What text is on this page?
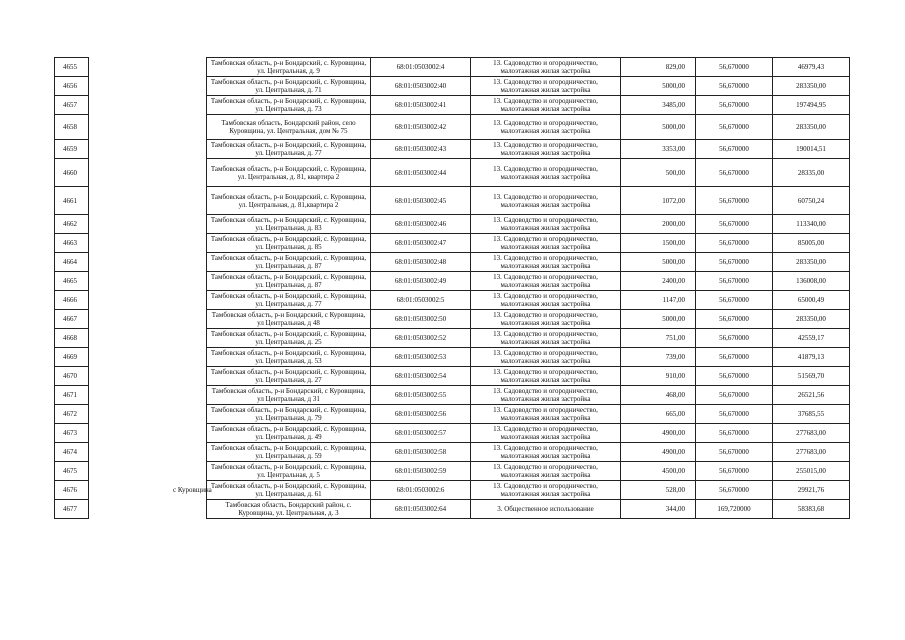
4655		Тамбовская область, р-н Бондарский, с. Куровщина, ул. Центральная, д. 9	68:01:0503002:4	13. Садоводство и огородничество, малоэтажная жилая застройка	829,00	56,670000	46979,43
4656		Тамбовская область, р-н Бондарский, с. Куровщина, ул. Центральная, д. 71	68:01:0503002:40	13. Садоводство и огородничество, малоэтажная жилая застройка	5000,00	56,670000	283350,00
4657		Тамбовская область, р-н Бондарский, с. Куровщина, ул. Центральная, д. 73	68:01:0503002:41	13. Садоводство и огородничество, малоэтажная жилая застройка	3485,00	56,670000	197494,95
4658		Тамбовская область, Бондарский район, село Куровщина, ул. Центральная, дом № 75	68:01:0503002:42	13. Садоводство и огородничество, малоэтажная жилая застройка	5000,00	56,670000	283350,00
4659		Тамбовская область, р-н Бондарский, с. Куровщина, ул. Центральная, д. 77	68:01:0503002:43	13. Садоводство и огородничество, малоэтажная жилая застройка	3353,00	56,670000	190014,51
4660		Тамбовская область, р-н Бондарский, с. Куровщина, ул. Центральная, д. 81, квартира 2	68:01:0503002:44	13. Садоводство и огородничество, малоэтажная жилая застройка	500,00	56,670000	28335,00
4661		Тамбовская область, р-н Бондарский, с. Куровщина, ул. Центральная, д. 81,квартира 2	68:01:0503002:45	13. Садоводство и огородничество, малоэтажная жилая застройка	1072,00	56,670000	60750,24
4662		Тамбовская область, р-н Бондарский, с. Куровщина, ул. Центральная, д. 83	68:01:0503002:46	13. Садоводство и огородничество, малоэтажная жилая застройка	2000,00	56,670000	113340,00
4663		Тамбовская область, р-н Бондарский, с. Куровщина, ул. Центральная, д. 85	68:01:0503002:47	13. Садоводство и огородничество, малоэтажная жилая застройка	1500,00	56,670000	85005,00
4664		Тамбовская область, р-н Бондарский, с. Куровщина, ул. Центральная, д. 87	68:01:0503002:48	13. Садоводство и огородничество, малоэтажная жилая застройка	5000,00	56,670000	283350,00
4665		Тамбовская область, р-н Бондарский, с. Куровщина, ул. Центральная, д. 87	68:01:0503002:49	13. Садоводство и огородничество, малоэтажная жилая застройка	2400,00	56,670000	136008,00
4666		Тамбовская область, р-н Бондарский, с. Куровщина, ул. Центральная, д. 77	68:01:0503002:5	13. Садоводство и огородничество, малоэтажная жилая застройка	1147,00	56,670000	65000,49
4667		Тамбовская область, р-н Бондарский, с Куровщина, ул Центральная, д 48	68:01:0503002:50	13. Садоводство и огородничество, малоэтажная жилая застройка	5000,00	56,670000	283350,00
4668		Тамбовская область, р-н Бондарский, с. Куровщина, ул. Центральная, д. 25	68:01:0503002:52	13. Садоводство и огородничество, малоэтажная жилая застройка	751,00	56,670000	42559,17
4669		Тамбовская область, р-н Бондарский, с. Куровщина, ул. Центральная, д. 53	68:01:0503002:53	13. Садоводство и огородничество, малоэтажная жилая застройка	739,00	56,670000	41879,13
4670		Тамбовская область, р-н Бондарский, с. Куровщина, ул. Центральная, д. 27	68:01:0503002:54	13. Садоводство и огородничество, малоэтажная жилая застройка	910,00	56,670000	51569,70
4671		Тамбовская область, р-н Бондарский, с Куровщина, ул Центральная, д 31	68:01:0503002:55	13. Садоводство и огородничество, малоэтажная жилая застройка	468,00	56,670000	26521,56
4672		Тамбовская область, р-н Бондарский, с. Куровщина, ул. Центральная, д. 79	68:01:0503002:56	13. Садоводство и огородничество, малоэтажная жилая застройка	665,00	56,670000	37685,55
4673		Тамбовская область, р-н Бондарский, с. Куровщина, ул. Центральная, д. 49	68:01:0503002:57	13. Садоводство и огородничество, малоэтажная жилая застройка	4900,00	56,670000	277683,00
4674		Тамбовская область, р-н Бондарский, с. Куровщина, ул. Центральная, д. 59	68:01:0503002:58	13. Садоводство и огородничество, малоэтажная жилая застройка	4900,00	56,670000	277683,00
4675		Тамбовская область, р-н Бондарский, с. Куровщина, ул. Центральная, д. 5	68:01:0503002:59	13. Садоводство и огородничество, малоэтажная жилая застройка	4500,00	56,670000	255015,00
4676	с Куровщина	Тамбовская область, р-н Бондарский, с. Куровщина, ул. Центральная, д. 61	68:01:0503002:6	13. Садоводство и огородничество, малоэтажная жилая застройка	528,00	56,670000	29921,76
4677		Тамбовская область, Бондарский район, с. Куровщина, ул. Центральная, д. 3	68:01:0503002:64	3. Общественное использование	344,00	169,720000	58383,68
